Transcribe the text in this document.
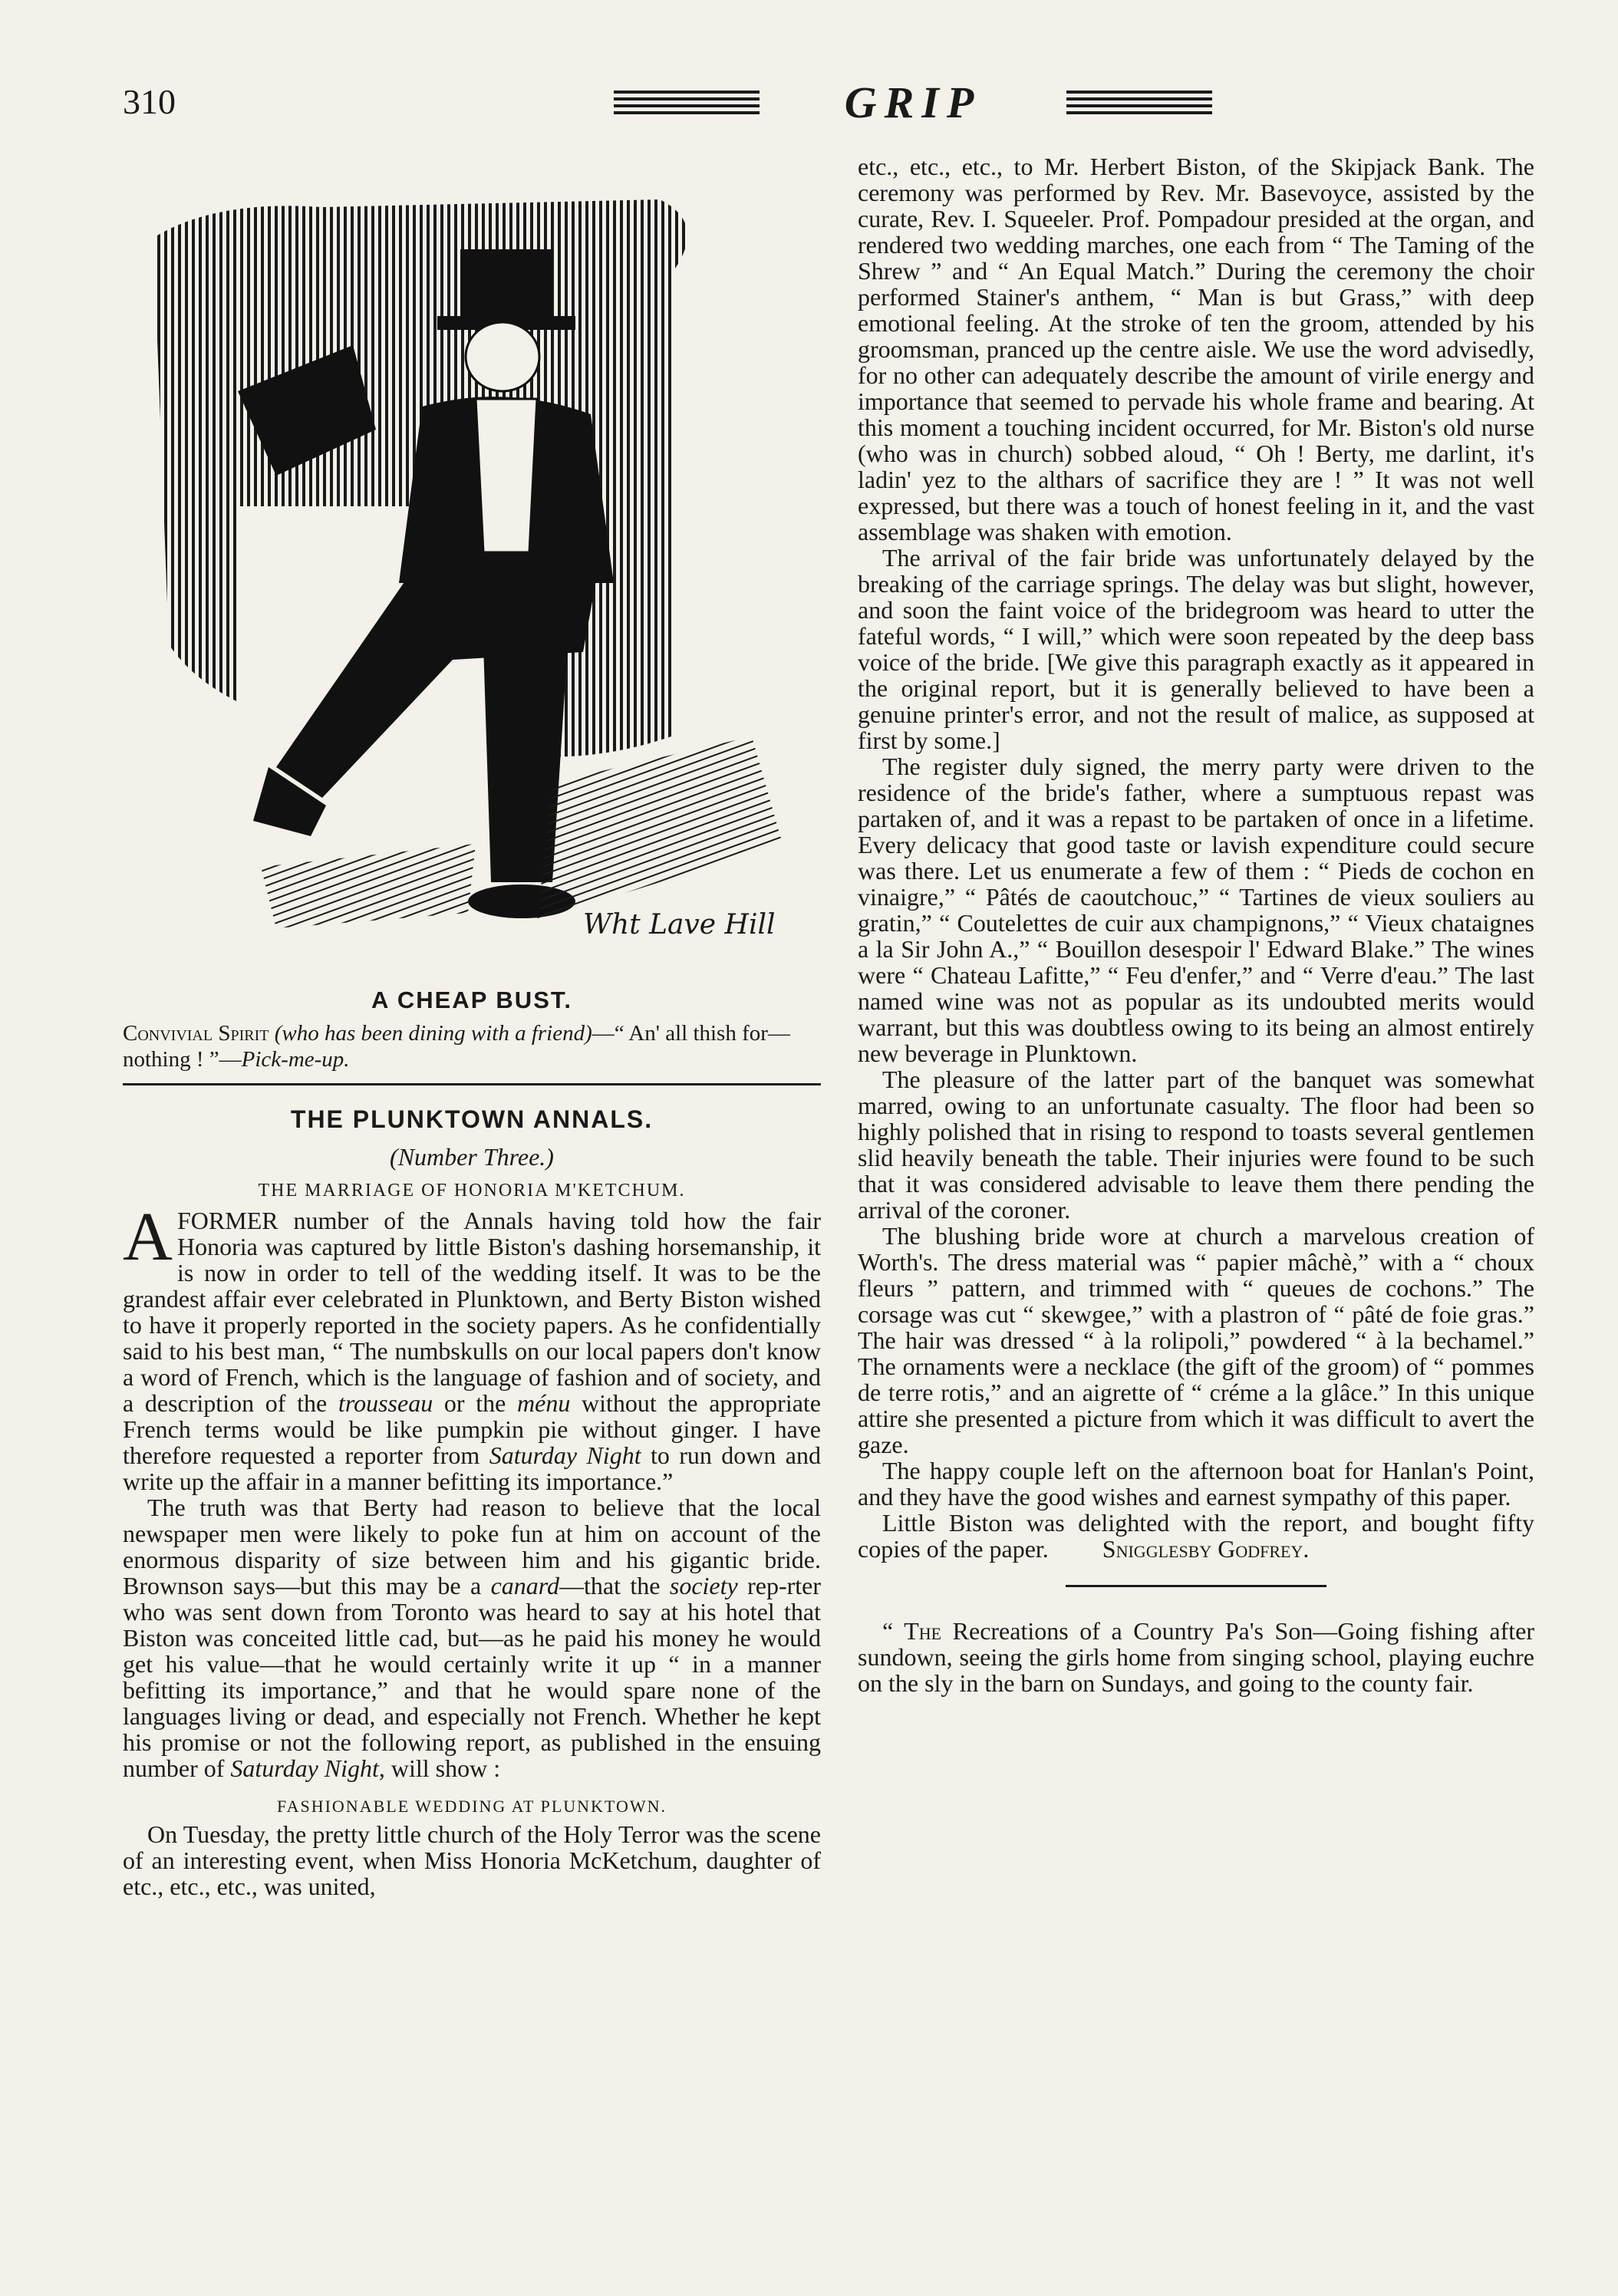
310	GRIP
Wht Lave Hill
A CHEAP BUST.

Convivial Spirit (who has been dining with a friend)—“ An' all thish for—nothing ! ”—Pick-me-up.

THE PLUNKTOWN ANNALS.
(Number Three.)
THE MARRIAGE OF HONORIA M'KETCHUM.

AFORMER number of the Annals having told how the fair Honoria was captured by little Biston's dashing horsemanship, it is now in order to tell of the wedding itself. It was to be the grandest affair ever celebrated in Plunktown, and Berty Biston wished to have it properly reported in the society papers. As he confidentially said to his best man, “ The numbskulls on our local papers don't know a word of French, which is the language of fashion and of society, and a description of the trousseau or the ménu without the appropriate French terms would be like pumpkin pie without ginger. I have therefore requested a reporter from Saturday Night to run down and write up the affair in a manner befitting its importance.”

The truth was that Berty had reason to believe that the local newspaper men were likely to poke fun at him on account of the enormous disparity of size between him and his gigantic bride. Brownson says—but this may be a canard—that the society rep-rter who was sent down from Toronto was heard to say at his hotel that Biston was conceited little cad, but—as he paid his money he would get his value—that he would certainly write it up “ in a manner befitting its importance,” and that he would spare none of the languages living or dead, and especially not French. Whether he kept his promise or not the following report, as published in the ensuing number of Saturday Night, will show :

FASHIONABLE WEDDING AT PLUNKTOWN.

On Tuesday, the pretty little church of the Holy Terror was the scene of an interesting event, when Miss Honoria McKetchum, daughter of etc., etc., etc., was united,

etc., etc., etc., to Mr. Herbert Biston, of the Skipjack Bank. The ceremony was performed by Rev. Mr. Basevoyce, assisted by the curate, Rev. I. Squeeler. Prof. Pompadour presided at the organ, and rendered two wedding marches, one each from “ The Taming of the Shrew ” and “ An Equal Match.” During the ceremony the choir performed Stainer's anthem, “ Man is but Grass,” with deep emotional feeling. At the stroke of ten the groom, attended by his groomsman, pranced up the centre aisle. We use the word advisedly, for no other can adequately describe the amount of virile energy and importance that seemed to pervade his whole frame and bearing. At this moment a touching incident occurred, for Mr. Biston's old nurse (who was in church) sobbed aloud, “ Oh ! Berty, me darlint, it's ladin' yez to the althars of sacrifice they are ! ” It was not well expressed, but there was a touch of honest feeling in it, and the vast assemblage was shaken with emotion.

The arrival of the fair bride was unfortunately delayed by the breaking of the carriage springs. The delay was but slight, however, and soon the faint voice of the bridegroom was heard to utter the fateful words, “ I will,” which were soon repeated by the deep bass voice of the bride. [We give this paragraph exactly as it appeared in the original report, but it is generally believed to have been a genuine printer's error, and not the result of malice, as supposed at first by some.]

The register duly signed, the merry party were driven to the residence of the bride's father, where a sumptuous repast was partaken of, and it was a repast to be partaken of once in a lifetime. Every delicacy that good taste or lavish expenditure could secure was there. Let us enumerate a few of them : “ Pieds de cochon en vinaigre,” “ Pâtés de caoutchouc,” “ Tartines de vieux souliers au gratin,” “ Coutelettes de cuir aux champignons,” “ Vieux chataignes a la Sir John A.,” “ Bouillon desespoir l' Edward Blake.” The wines were “ Chateau Lafitte,” “ Feu d'enfer,” and “ Verre d'eau.” The last named wine was not as popular as its undoubted merits would warrant, but this was doubtless owing to its being an almost entirely new beverage in Plunktown.

The pleasure of the latter part of the banquet was somewhat marred, owing to an unfortunate casualty. The floor had been so highly polished that in rising to respond to toasts several gentlemen slid heavily beneath the table. Their injuries were found to be such that it was considered advisable to leave them there pending the arrival of the coroner.

The blushing bride wore at church a marvelous creation of Worth's. The dress material was “ papier mâchè,” with a “ choux fleurs ” pattern, and trimmed with “ queues de cochons.” The corsage was cut “ skewgee,” with a plastron of “ pâté de foie gras.” The hair was dressed “ à la rolipoli,” powdered “ à la bechamel.” The ornaments were a necklace (the gift of the groom) of “ pommes de terre rotis,” and an aigrette of “ créme a la glâce.” In this unique attire she presented a picture from which it was difficult to avert the gaze.

The happy couple left on the afternoon boat for Hanlan's Point, and they have the good wishes and earnest sympathy of this paper.

Little Biston was delighted with the report, and bought fifty copies of the paper. Snigglesby Godfrey.

“ The Recreations of a Country Pa's Son—Going fishing after sundown, seeing the girls home from singing school, playing euchre on the sly in the barn on Sundays, and going to the county fair.
